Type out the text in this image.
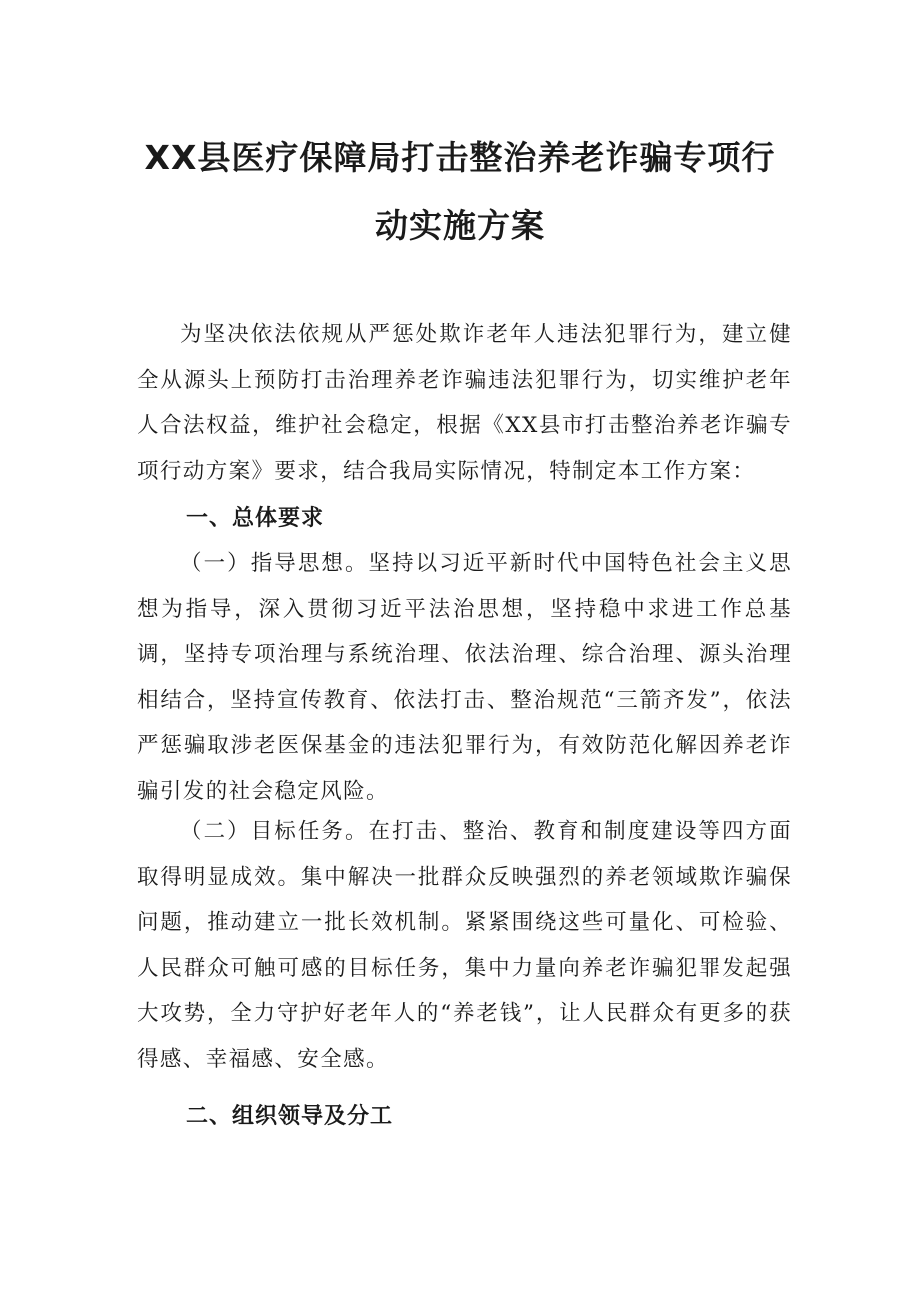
XX县医疗保障局打击整治养老诈骗专项行
动实施方案

为坚决依法依规从严惩处欺诈老年人违法犯罪行为，建立健全从源头上预防打击治理养老诈骗违法犯罪行为，切实维护老年人合法权益，维护社会稳定，根据《XX县市打击整治养老诈骗专项行动方案》要求，结合我局实际情况，特制定本工作方案：

一、总体要求

（一）指导思想。坚持以习近平新时代中国特色社会主义思想为指导，深入贯彻习近平法治思想，坚持稳中求进工作总基调，坚持专项治理与系统治理、依法治理、综合治理、源头治理相结合，坚持宣传教育、依法打击、整治规范“三箭齐发”，依法严惩骗取涉老医保基金的违法犯罪行为，有效防范化解因养老诈骗引发的社会稳定风险。

（二）目标任务。在打击、整治、教育和制度建设等四方面取得明显成效。集中解决一批群众反映强烈的养老领域欺诈骗保问题，推动建立一批长效机制。紧紧围绕这些可量化、可检验、人民群众可触可感的目标任务，集中力量向养老诈骗犯罪发起强大攻势，全力守护好老年人的“养老钱”，让人民群众有更多的获得感、幸福感、安全感。

二、组织领导及分工
